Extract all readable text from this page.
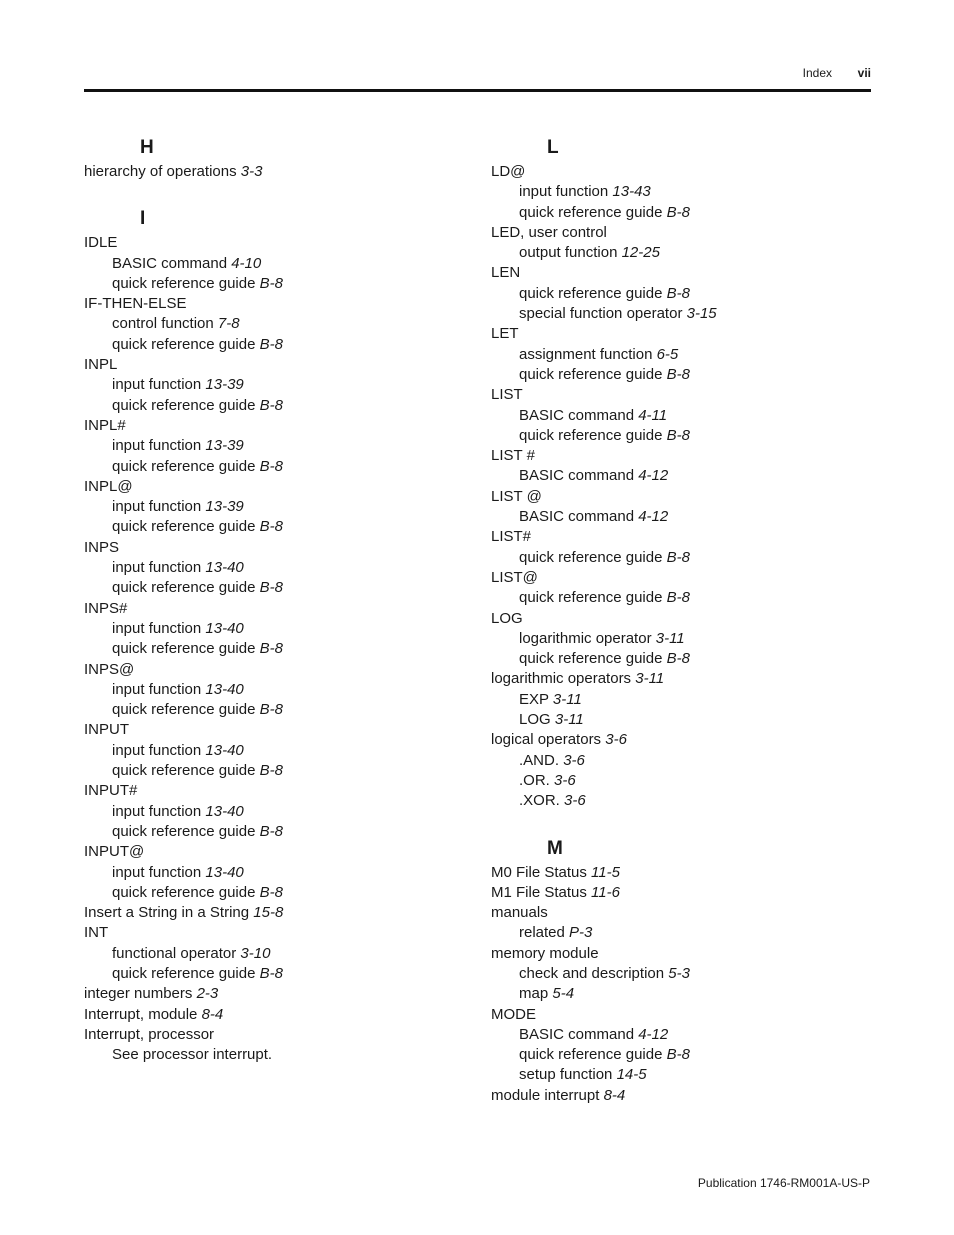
Index vii
H
hierarchy of operations 3-3
I
IDLE
BASIC command 4-10
quick reference guide B-8
IF-THEN-ELSE
control function 7-8
quick reference guide B-8
INPL
input function 13-39
quick reference guide B-8
INPL#
input function 13-39
quick reference guide B-8
INPL@
input function 13-39
quick reference guide B-8
INPS
input function 13-40
quick reference guide B-8
INPS#
input function 13-40
quick reference guide B-8
INPS@
input function 13-40
quick reference guide B-8
INPUT
input function 13-40
quick reference guide B-8
INPUT#
input function 13-40
quick reference guide B-8
INPUT@
input function 13-40
quick reference guide B-8
Insert a String in a String 15-8
INT
functional operator 3-10
quick reference guide B-8
integer numbers 2-3
Interrupt, module 8-4
Interrupt, processor
See processor interrupt.
L
LD@
input function 13-43
quick reference guide B-8
LED, user control
output function 12-25
LEN
quick reference guide B-8
special function operator 3-15
LET
assignment function 6-5
quick reference guide B-8
LIST
BASIC command 4-11
quick reference guide B-8
LIST #
BASIC command 4-12
LIST @
BASIC command 4-12
LIST#
quick reference guide B-8
LIST@
quick reference guide B-8
LOG
logarithmic operator 3-11
quick reference guide B-8
logarithmic operators 3-11
EXP 3-11
LOG 3-11
logical operators 3-6
.AND. 3-6
.OR. 3-6
.XOR. 3-6
M
M0 File Status 11-5
M1 File Status 11-6
manuals
related P-3
memory module
check and description 5-3
map 5-4
MODE
BASIC command 4-12
quick reference guide B-8
setup function 14-5
module interrupt 8-4
Publication 1746-RM001A-US-P
